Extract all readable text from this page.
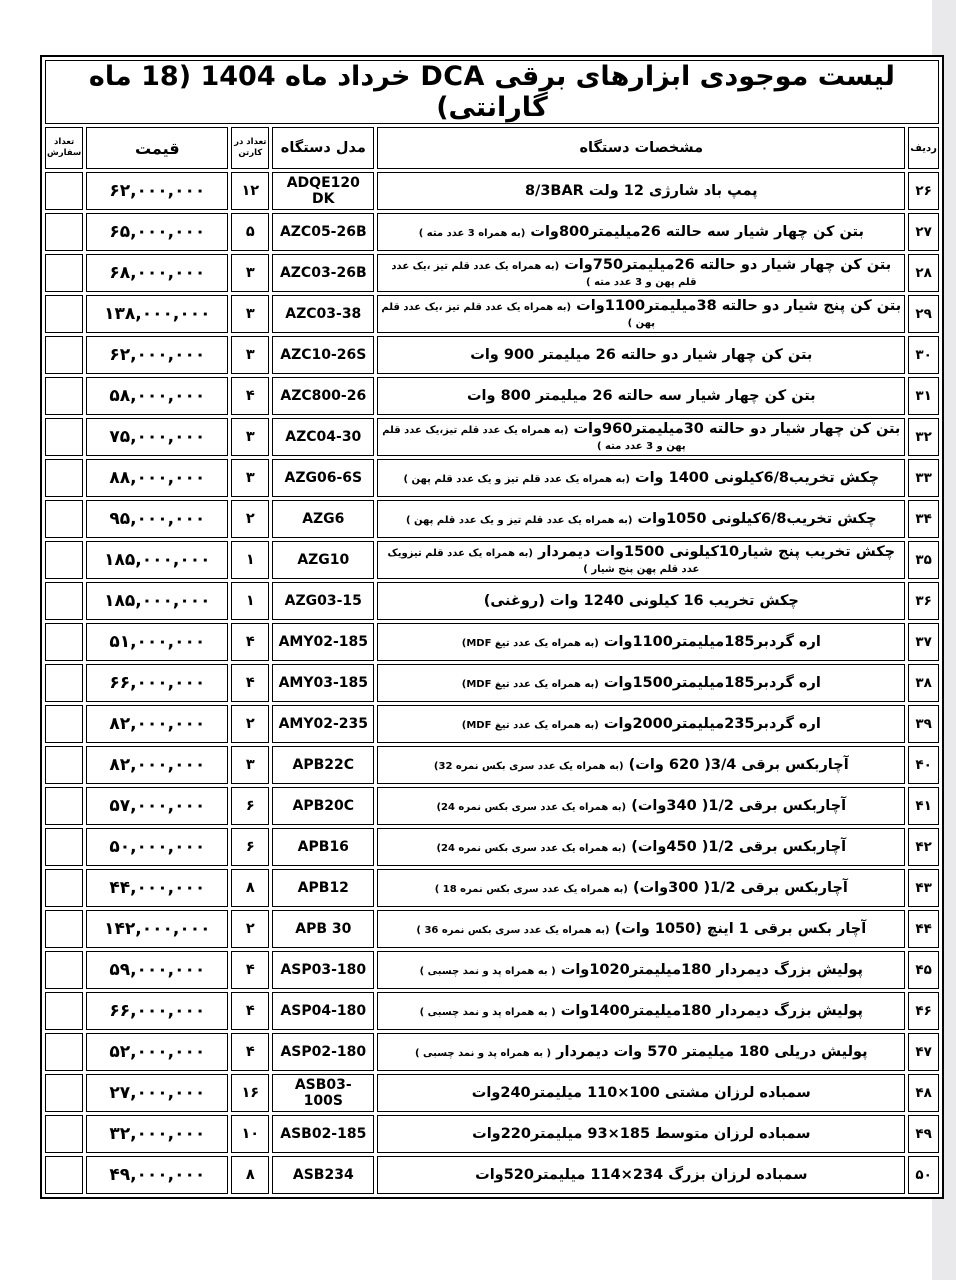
لیست موجودی ابزارهای برقی DCA خرداد ماه 1404 (18 ماه گارانتی)					
ردیف	مشخصات دستگاه	مدل دستگاه	تعداد در کارتن	قیمت	تعداد سفارش
۲۶	پمپ باد شارژی 12 ولت 8/3BAR	ADQE120 DK	۱۲	۶۲,۰۰۰,۰۰۰	
۲۷	بتن کن چهار شیار سه حالته 26میلیمتر800وات (به همراه 3 عدد مته )	AZC05-26B	۵	۶۵,۰۰۰,۰۰۰	
۲۸	بتن کن چهار شیار دو حالته 26میلیمتر750وات (به همراه یک عدد قلم تیز ،یک عدد قلم پهن و 3 عدد مته )	AZC03-26B	۳	۶۸,۰۰۰,۰۰۰	
۲۹	بتن کن پنج شیار دو حالته 38میلیمتر1100وات (به همراه یک عدد قلم تیز ،یک عدد قلم پهن )	AZC03-38	۳	۱۳۸,۰۰۰,۰۰۰	
۳۰	بتن کن چهار شیار دو حالته 26 میلیمتر 900 وات	AZC10-26S	۳	۶۲,۰۰۰,۰۰۰	
۳۱	بتن کن چهار شیار سه حالته 26 میلیمتر 800 وات	AZC800-26	۴	۵۸,۰۰۰,۰۰۰	
۳۲	بتن کن چهار شیار دو حالته 30میلیمتر960وات (به همراه یک عدد قلم تیز،یک عدد قلم پهن و 3 عدد مته )	AZC04-30	۳	۷۵,۰۰۰,۰۰۰	
۳۳	چکش تخریب6/8کیلونی 1400 وات (به همراه یک عدد قلم تیز و یک عدد قلم پهن )	AZG06-6S	۳	۸۸,۰۰۰,۰۰۰	
۳۴	چکش تخریب6/8کیلونی 1050وات (به همراه یک عدد قلم تیز و یک عدد قلم پهن )	AZG6	۲	۹۵,۰۰۰,۰۰۰	
۳۵	چکش تخریب پنج شیار10کیلونی 1500وات دیمردار (به همراه یک عدد قلم تیزویک عدد قلم پهن پنج شیار )	AZG10	۱	۱۸۵,۰۰۰,۰۰۰	
۳۶	چکش تخریب 16 کیلونی 1240 وات (روغنی)	AZG03-15	۱	۱۸۵,۰۰۰,۰۰۰	
۳۷	اره گردبر185میلیمتر1100وات (به همراه یک عدد تیغ MDF)	AMY02-185	۴	۵۱,۰۰۰,۰۰۰	
۳۸	اره گردبر185میلیمتر1500وات (به همراه یک عدد تیغ MDF)	AMY03-185	۴	۶۶,۰۰۰,۰۰۰	
۳۹	اره گردبر235میلیمتر2000وات (به همراه یک عدد تیغ MDF)	AMY02-235	۲	۸۲,۰۰۰,۰۰۰	
۴۰	آچاربکس برقی 3/4( 620 وات) (به همراه یک عدد سری بکس نمره 32)	APB22C	۳	۸۲,۰۰۰,۰۰۰	
۴۱	آچاربکس برقی 1/2( 340وات) (به همراه یک عدد سری بکس نمره 24)	APB20C	۶	۵۷,۰۰۰,۰۰۰	
۴۲	آچاربکس برقی 1/2( 450وات) (به همراه یک عدد سری بکس نمره 24)	APB16	۶	۵۰,۰۰۰,۰۰۰	
۴۳	آچاربکس برقی 1/2( 300وات) (به همراه یک عدد سری بکس نمره 18 )	APB12	۸	۴۴,۰۰۰,۰۰۰	
۴۴	آچار بکس برقی 1 اینچ (1050 وات) (به همراه یک عدد سری بکس نمره 36 )	APB 30	۲	۱۴۲,۰۰۰,۰۰۰	
۴۵	پولیش بزرگ دیمردار 180میلیمتر1020وات ( به همراه پد و نمد چسبی )	ASP03-180	۴	۵۹,۰۰۰,۰۰۰	
۴۶	پولیش بزرگ دیمردار 180میلیمتر1400وات ( به همراه پد و نمد چسبی )	ASP04-180	۴	۶۶,۰۰۰,۰۰۰	
۴۷	پولیش دریلی 180 میلیمتر 570 وات دیمردار ( به همراه پد و نمد چسبی )	ASP02-180	۴	۵۲,۰۰۰,۰۰۰	
۴۸	سمباده لرزان مشتی 100×110 میلیمتر240وات	ASB03-100S	۱۶	۲۷,۰۰۰,۰۰۰	
۴۹	سمباده لرزان متوسط 185×93 میلیمتر220وات	ASB02-185	۱۰	۳۲,۰۰۰,۰۰۰	
۵۰	سمباده لرزان بزرگ 234×114 میلیمتر520وات	ASB234	۸	۴۹,۰۰۰,۰۰۰	
